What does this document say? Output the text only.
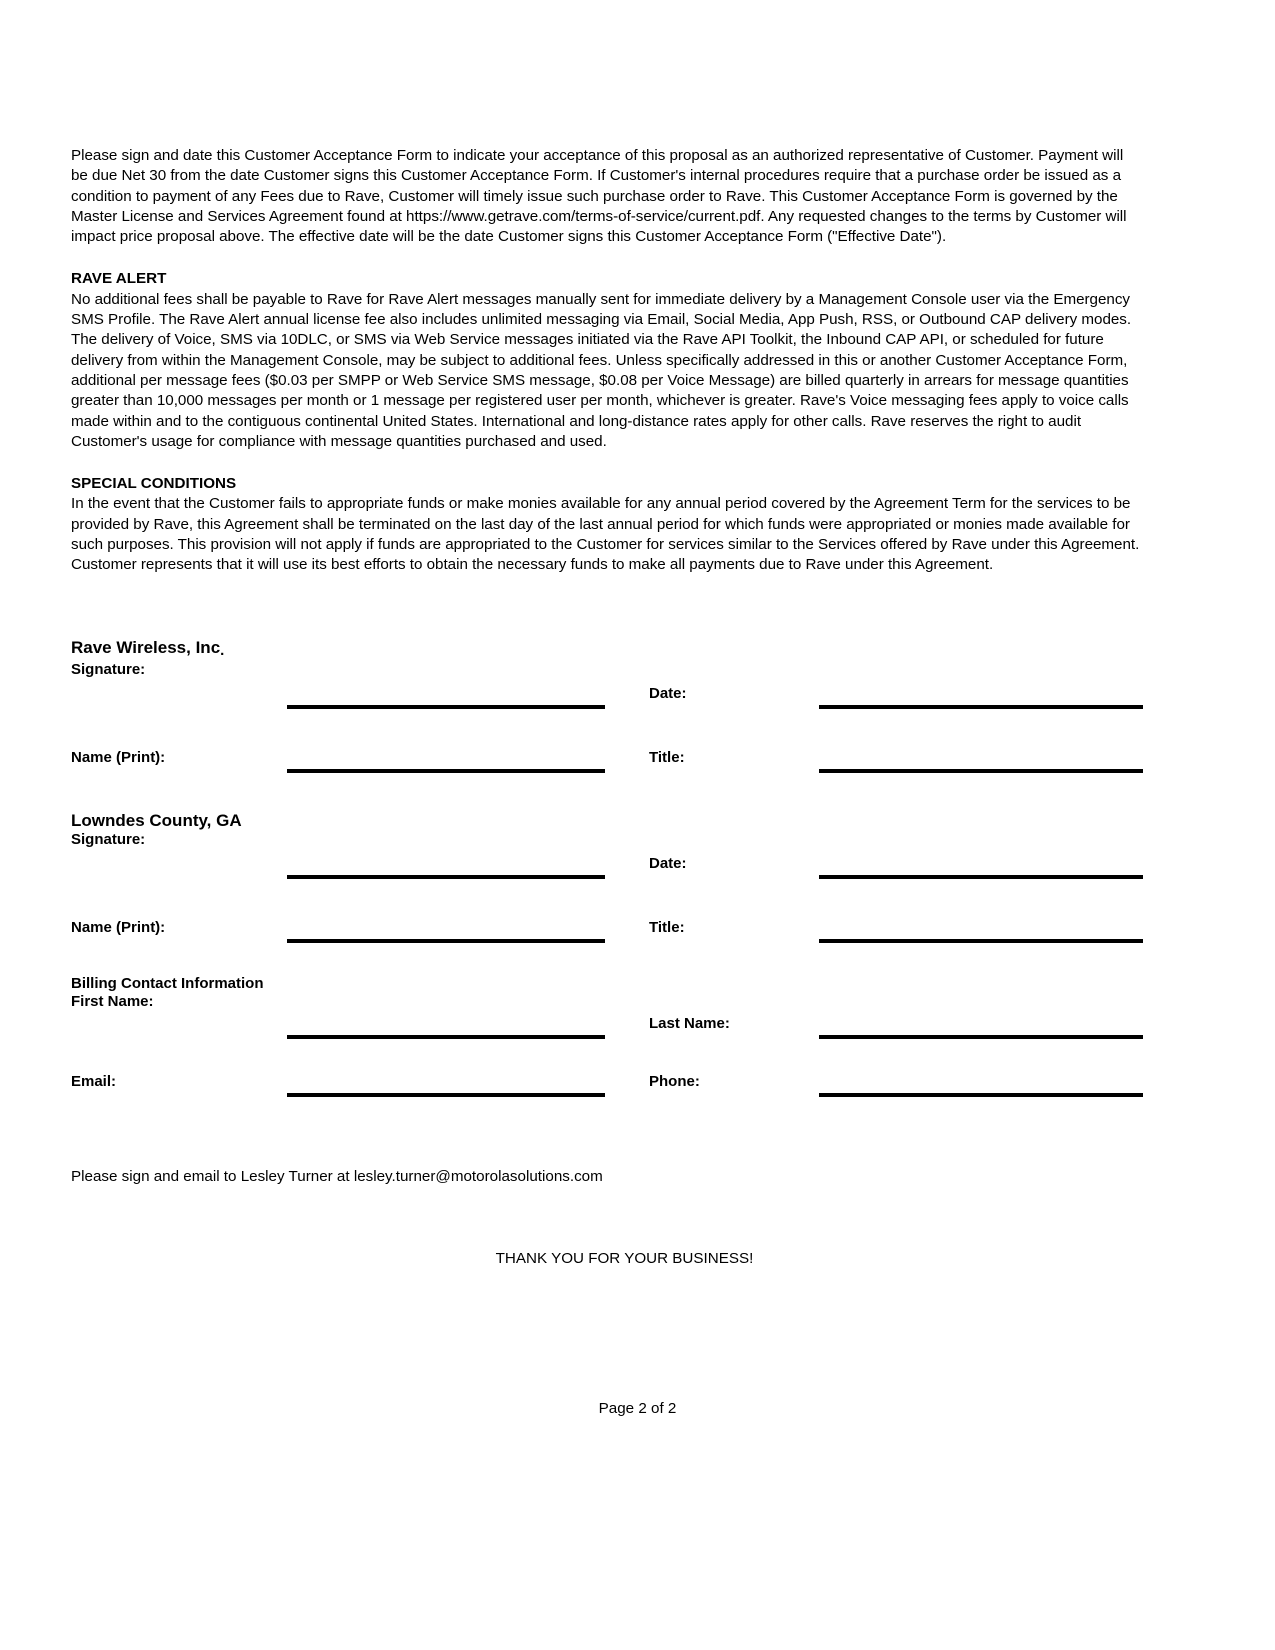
Please sign and date this Customer Acceptance Form to indicate your acceptance of this proposal as an authorized representative of Customer. Payment will be due Net 30 from the date Customer signs this Customer Acceptance Form. If Customer's internal procedures require that a purchase order be issued as a condition to payment of any Fees due to Rave, Customer will timely issue such purchase order to Rave. This Customer Acceptance Form is governed by the Master License and Services Agreement found at https://www.getrave.com/terms-of-service/current.pdf. Any requested changes to the terms by Customer will impact price proposal above. The effective date will be the date Customer signs this Customer Acceptance Form ("Effective Date").

RAVE ALERT

No additional fees shall be payable to Rave for Rave Alert messages manually sent for immediate delivery by a Management Console user via the Emergency SMS Profile. The Rave Alert annual license fee also includes unlimited messaging via Email, Social Media, App Push, RSS, or Outbound CAP delivery modes. The delivery of Voice, SMS via 10DLC, or SMS via Web Service messages initiated via the Rave API Toolkit, the Inbound CAP API, or scheduled for future delivery from within the Management Console, may be subject to additional fees. Unless specifically addressed in this or another Customer Acceptance Form, additional per message fees ($0.03 per SMPP or Web Service SMS message, $0.08 per Voice Message) are billed quarterly in arrears for message quantities greater than 10,000 messages per month or 1 message per registered user per month, whichever is greater. Rave's Voice messaging fees apply to voice calls made within and to the contiguous continental United States. International and long-distance rates apply for other calls. Rave reserves the right to audit Customer's usage for compliance with message quantities purchased and used.

SPECIAL CONDITIONS

In the event that the Customer fails to appropriate funds or make monies available for any annual period covered by the Agreement Term for the services to be provided by Rave, this Agreement shall be terminated on the last day of the last annual period for which funds were appropriated or monies made available for such purposes. This provision will not apply if funds are appropriated to the Customer for services similar to the Services offered by Rave under this Agreement. Customer represents that it will use its best efforts to obtain the necessary funds to make all payments due to Rave under this Agreement.

Rave Wireless, Inc.
Signature:
Date:
Name (Print):	Title:
Lowndes County, GA
Signature:
Date:
Name (Print):	Title:
Billing Contact Information
First Name:
Last Name:
Email:	Phone:

Please sign and email to Lesley Turner at lesley.turner@motorolasolutions.com

THANK YOU FOR YOUR BUSINESS!

Page 2 of 2
